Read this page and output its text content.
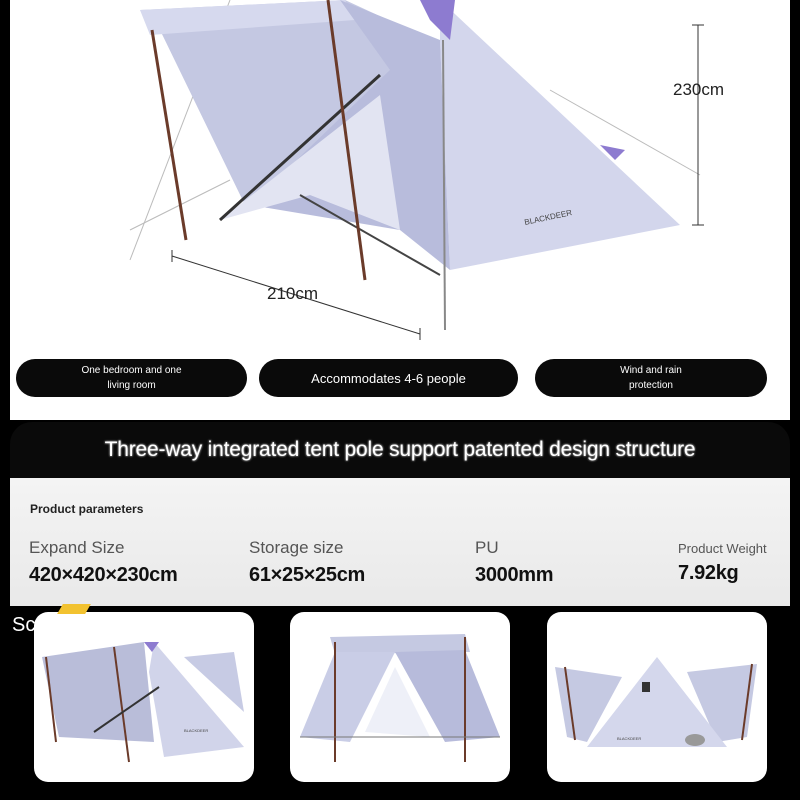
BLACKDEER
230cm
210cm
One bedroom and one
living room	Accommodates 4-6 people	Wind and rain
protection
Three-way integrated tent pole support patented design structure
Product parameters
Expand Size
420×420×230cm
Storage size
61×25×25cm
PU
3000mm
Product Weight
7.92kg
Scenes
BLACKDEER
BLACKDEER
